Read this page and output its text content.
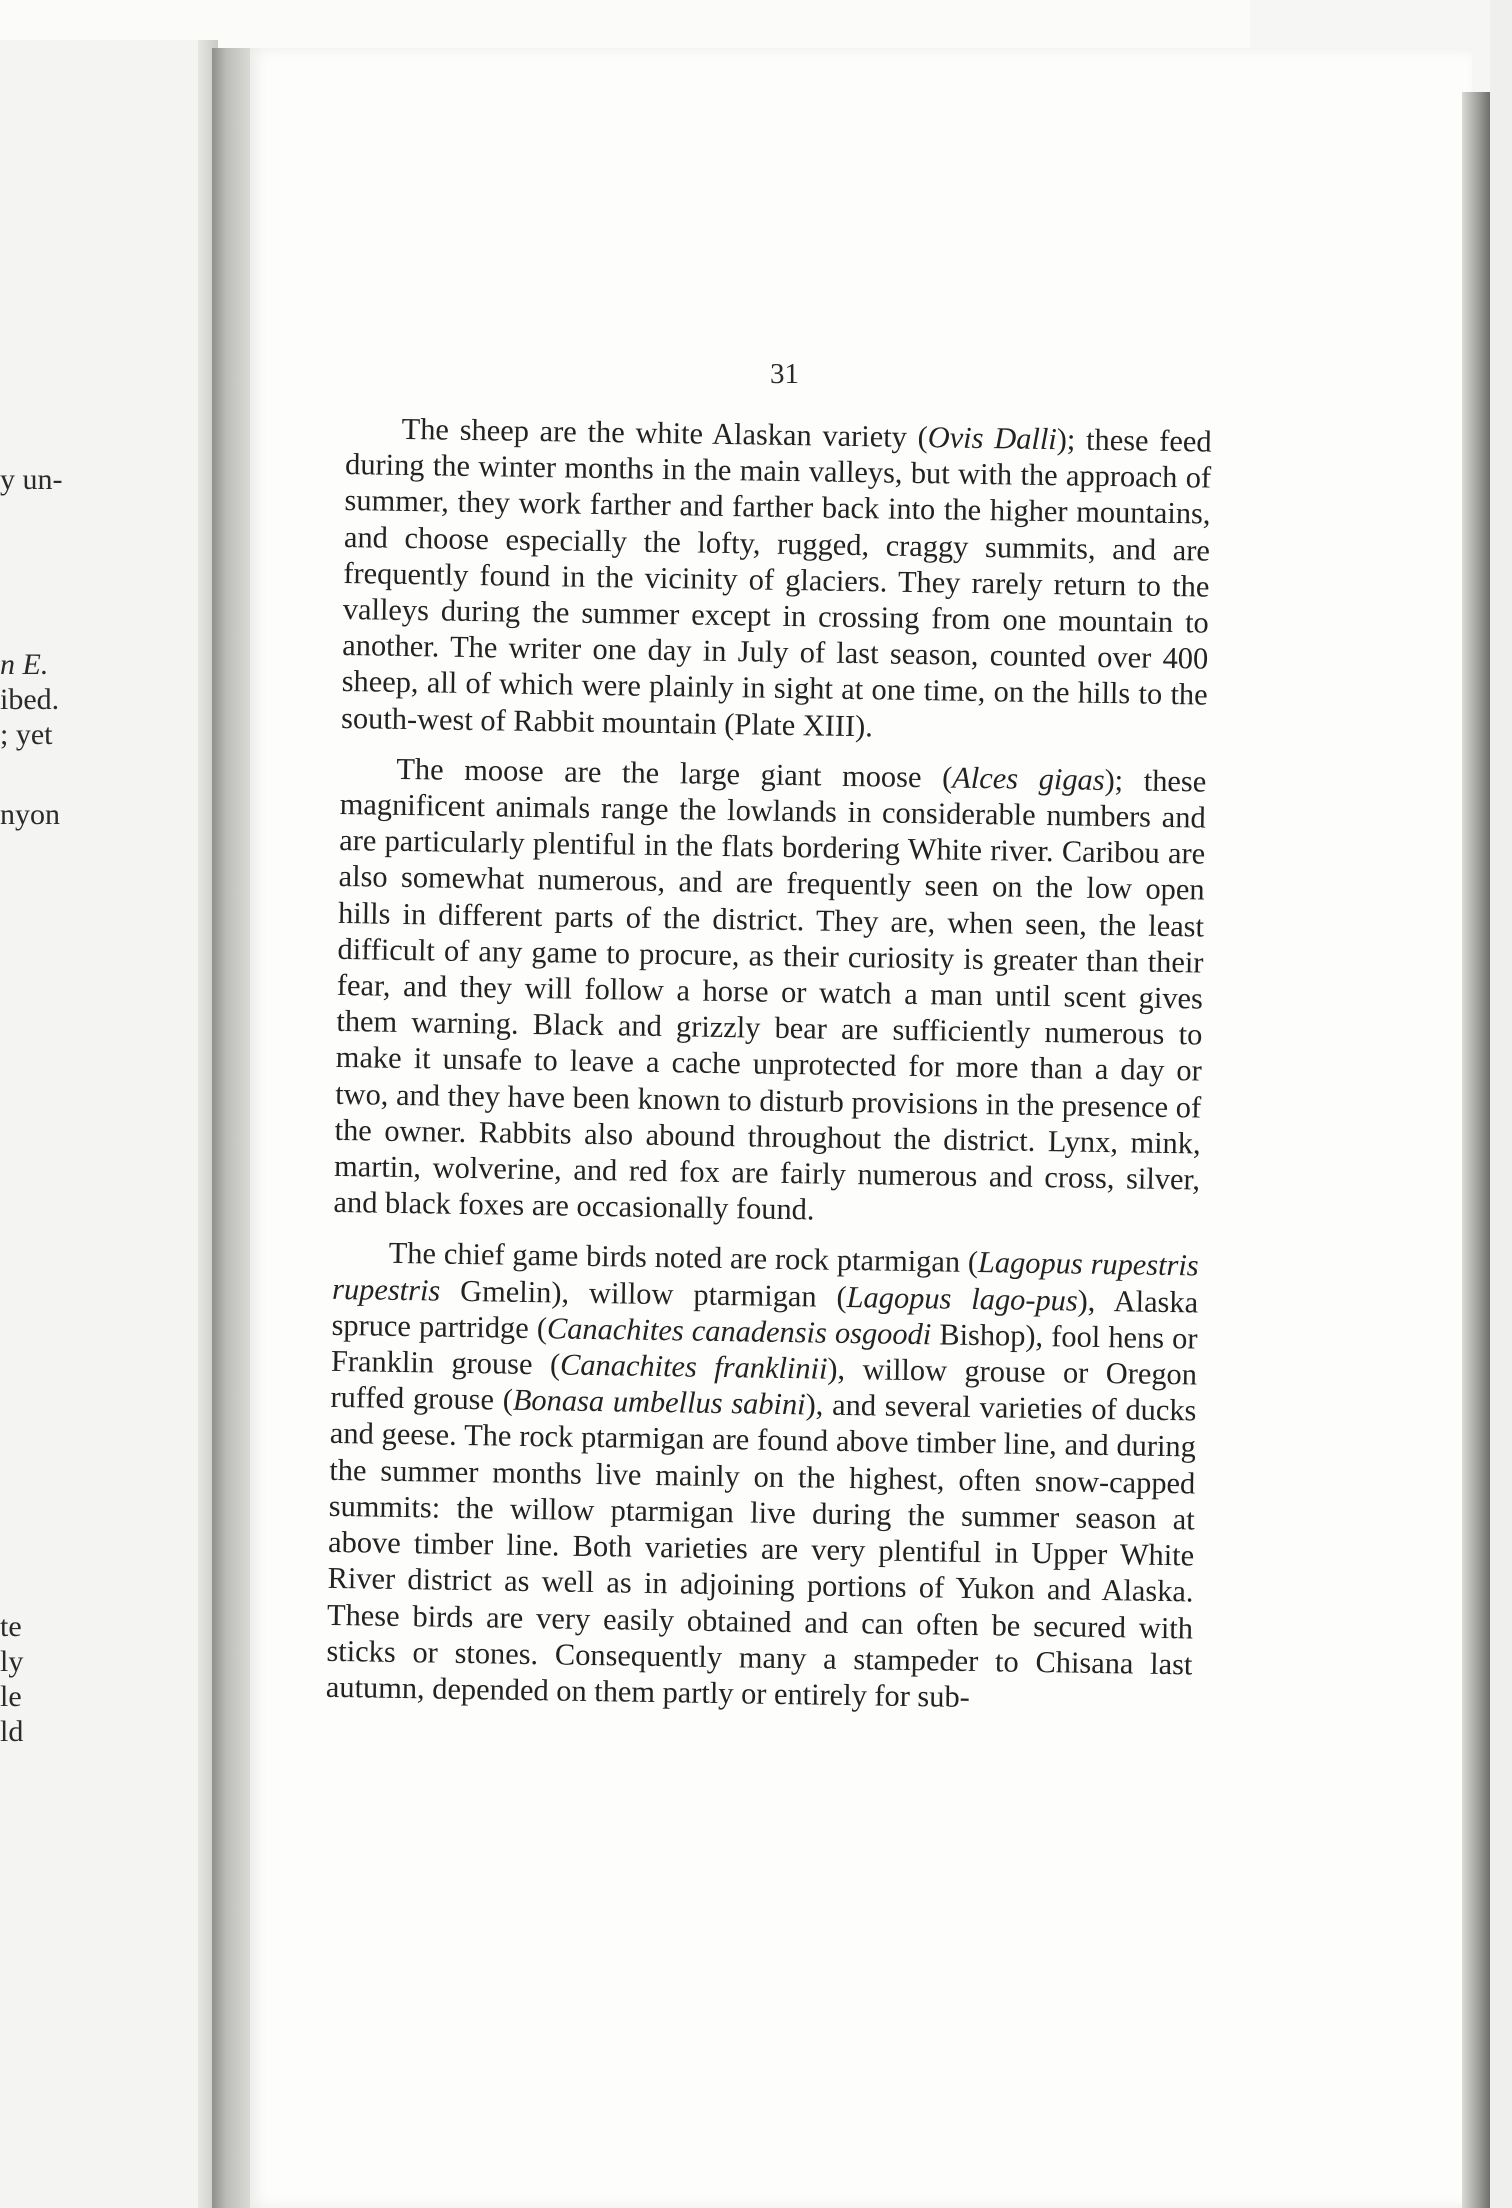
y un-
n E.
ibed.
; yet
nyon
te
ly
le
ld
31

The sheep are the white Alaskan variety (Ovis Dalli); these feed during the winter months in the main valleys, but with the approach of summer, they work farther and farther back into the higher mountains, and choose especially the lofty, rugged, craggy summits, and are frequently found in the vicinity of glaciers. They rarely return to the valleys during the summer except in crossing from one mountain to another. The writer one day in July of last season, counted over 400 sheep, all of which were plainly in sight at one time, on the hills to the south-west of Rabbit mountain (Plate XIII).

The moose are the large giant moose (Alces gigas); these magnificent animals range the lowlands in considerable numbers and are particularly plentiful in the flats bordering White river. Caribou are also somewhat numerous, and are frequently seen on the low open hills in different parts of the district. They are, when seen, the least difficult of any game to procure, as their curiosity is greater than their fear, and they will follow a horse or watch a man until scent gives them warning. Black and grizzly bear are sufficiently numerous to make it unsafe to leave a cache unprotected for more than a day or two, and they have been known to disturb provisions in the presence of the owner. Rabbits also abound throughout the district. Lynx, mink, martin, wolverine, and red fox are fairly numerous and cross, silver, and black foxes are occasionally found.

The chief game birds noted are rock ptarmigan (Lagopus rupestris rupestris Gmelin), willow ptarmigan (Lagopus lago-pus), Alaska spruce partridge (Canachites canadensis osgoodi Bishop), fool hens or Franklin grouse (Canachites franklinii), willow grouse or Oregon ruffed grouse (Bonasa umbellus sabini), and several varieties of ducks and geese. The rock ptarmigan are found above timber line, and during the summer months live mainly on the highest, often snow-capped summits: the willow ptarmigan live during the summer season at above timber line. Both varieties are very plentiful in Upper White River district as well as in adjoining portions of Yukon and Alaska. These birds are very easily obtained and can often be secured with sticks or stones. Consequently many a stampeder to Chisana last autumn, depended on them partly or entirely for sub-
